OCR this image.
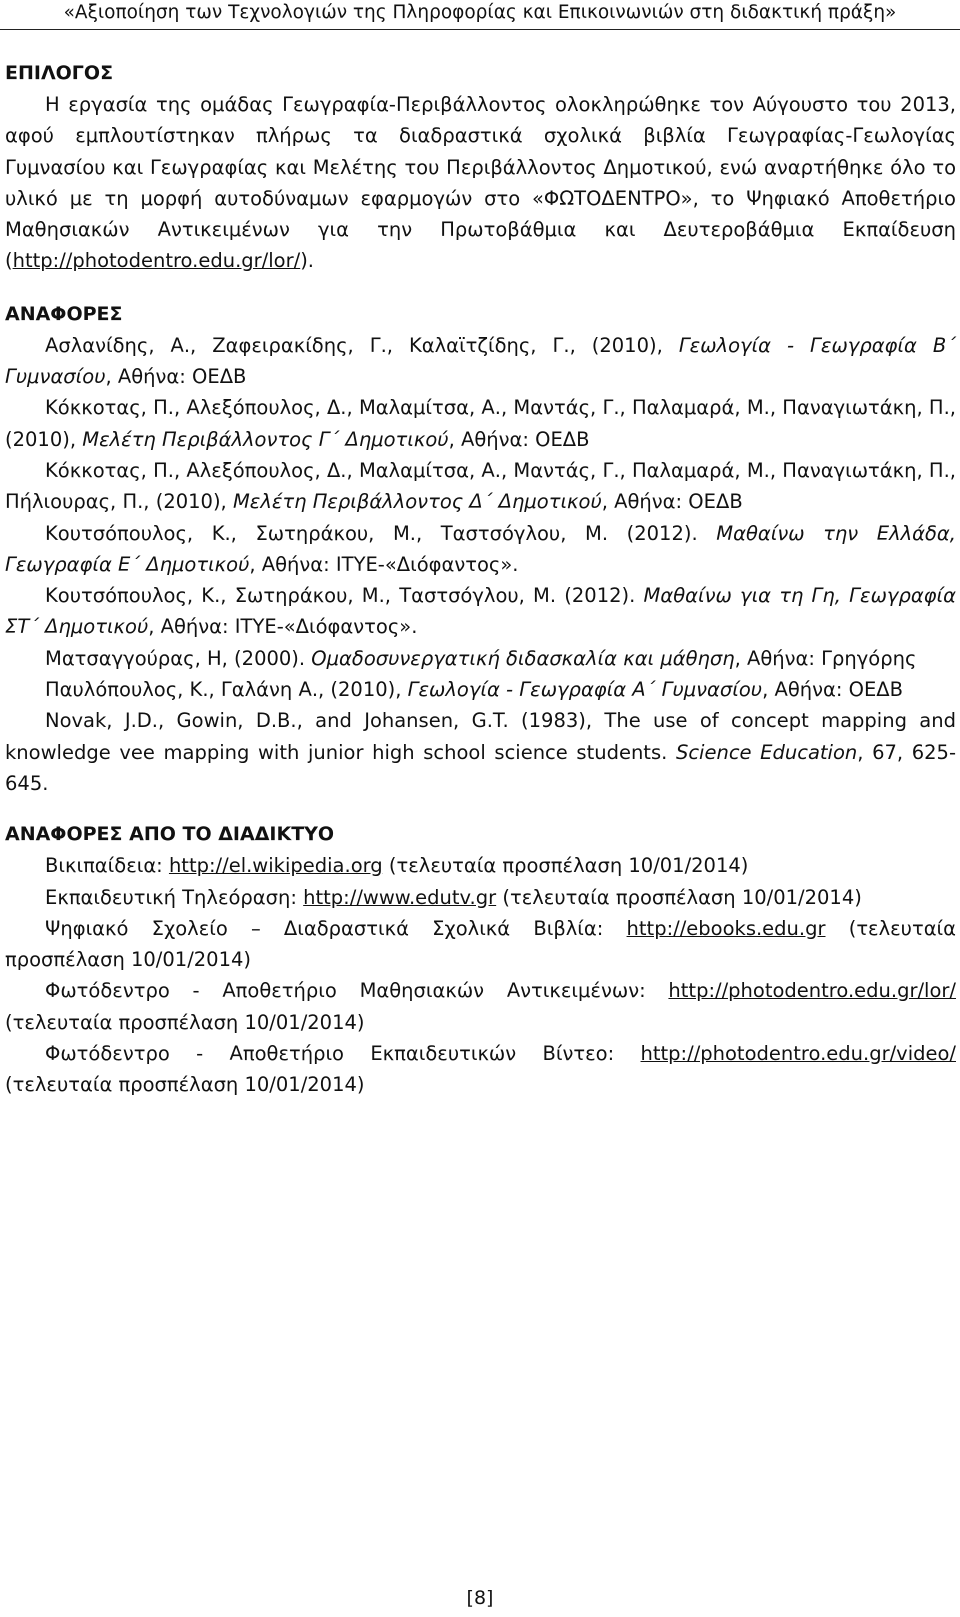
«Αξιοποίηση των Τεχνολογιών της Πληροφορίας και Επικοινωνιών στη διδακτική πράξη»
ΕΠΙΛΟΓΟΣ

Η εργασία της ομάδας Γεωγραφία-Περιβάλλοντος ολοκληρώθηκε τον Αύγουστο του 2013, αφού εμπλουτίστηκαν πλήρως τα διαδραστικά σχολικά βιβλία Γεωγραφίας-Γεωλογίας Γυμνασίου και Γεωγραφίας και Μελέτης του Περιβάλλοντος Δημοτικού, ενώ αναρτήθηκε όλο το υλικό με τη μορφή αυτοδύναμων εφαρμογών στο «ΦΩΤΟΔΕΝΤΡΟ», το Ψηφιακό Αποθετήριο Μαθησιακών Αντικειμένων για την Πρωτοβάθμια και Δευτεροβάθμια Εκπαίδευση (http://photodentro.edu.gr/lor/).

ΑΝΑΦΟΡΕΣ

Ασλανίδης, Α., Ζαφειρακίδης, Γ., Καλαϊτζίδης, Γ., (2010), Γεωλογία - Γεωγραφία Β΄ Γυμνασίου, Αθήνα: ΟΕΔΒ

Κόκκοτας, Π., Αλεξόπουλος, Δ., Μαλαμίτσα, Α., Μαντάς, Γ., Παλαμαρά, Μ., Παναγιωτάκη, Π., (2010), Μελέτη Περιβάλλοντος Γ΄ Δημοτικού, Αθήνα: ΟΕΔΒ

Κόκκοτας, Π., Αλεξόπουλος, Δ., Μαλαμίτσα, Α., Μαντάς, Γ., Παλαμαρά, Μ., Παναγιωτάκη, Π., Πήλιουρας, Π., (2010), Μελέτη Περιβάλλοντος Δ΄ Δημοτικού, Αθήνα: ΟΕΔΒ

Κουτσόπουλος, Κ., Σωτηράκου, Μ., Ταστσόγλου, Μ. (2012). Μαθαίνω την Ελλάδα, Γεωγραφία Ε΄ Δημοτικού, Αθήνα: ΙΤΥΕ-«Διόφαντος».

Κουτσόπουλος, Κ., Σωτηράκου, Μ., Ταστσόγλου, Μ. (2012). Μαθαίνω για τη Γη, Γεωγραφία ΣΤ΄ Δημοτικού, Αθήνα: ΙΤΥΕ-«Διόφαντος».

Ματσαγγούρας, Η, (2000). Ομαδοσυνεργατική διδασκαλία και μάθηση, Αθήνα: Γρηγόρης

Παυλόπουλος, Κ., Γαλάνη Α., (2010), Γεωλογία - Γεωγραφία Α΄ Γυμνασίου, Αθήνα: ΟΕΔΒ

Novak, J.D., Gowin, D.B., and Johansen, G.T. (1983), The use of concept mapping and knowledge vee mapping with junior high school science students. Science Education, 67, 625-645.

ΑΝΑΦΟΡΕΣ ΑΠΟ ΤΟ ΔΙΑΔΙΚΤΥΟ

Βικιπαίδεια: http://el.wikipedia.org (τελευταία προσπέλαση 10/01/2014)

Εκπαιδευτική Τηλεόραση: http://www.edutv.gr (τελευταία προσπέλαση 10/01/2014)

Ψηφιακό Σχολείο – Διαδραστικά Σχολικά Βιβλία: http://ebooks.edu.gr (τελευταία προσπέλαση 10/01/2014)

Φωτόδεντρο - Αποθετήριο Μαθησιακών Αντικειμένων: http://photodentro.edu.gr/lor/ (τελευταία προσπέλαση 10/01/2014)

Φωτόδεντρο - Αποθετήριο Εκπαιδευτικών Βίντεο: http://photodentro.edu.gr/video/ (τελευταία προσπέλαση 10/01/2014)

[8]
